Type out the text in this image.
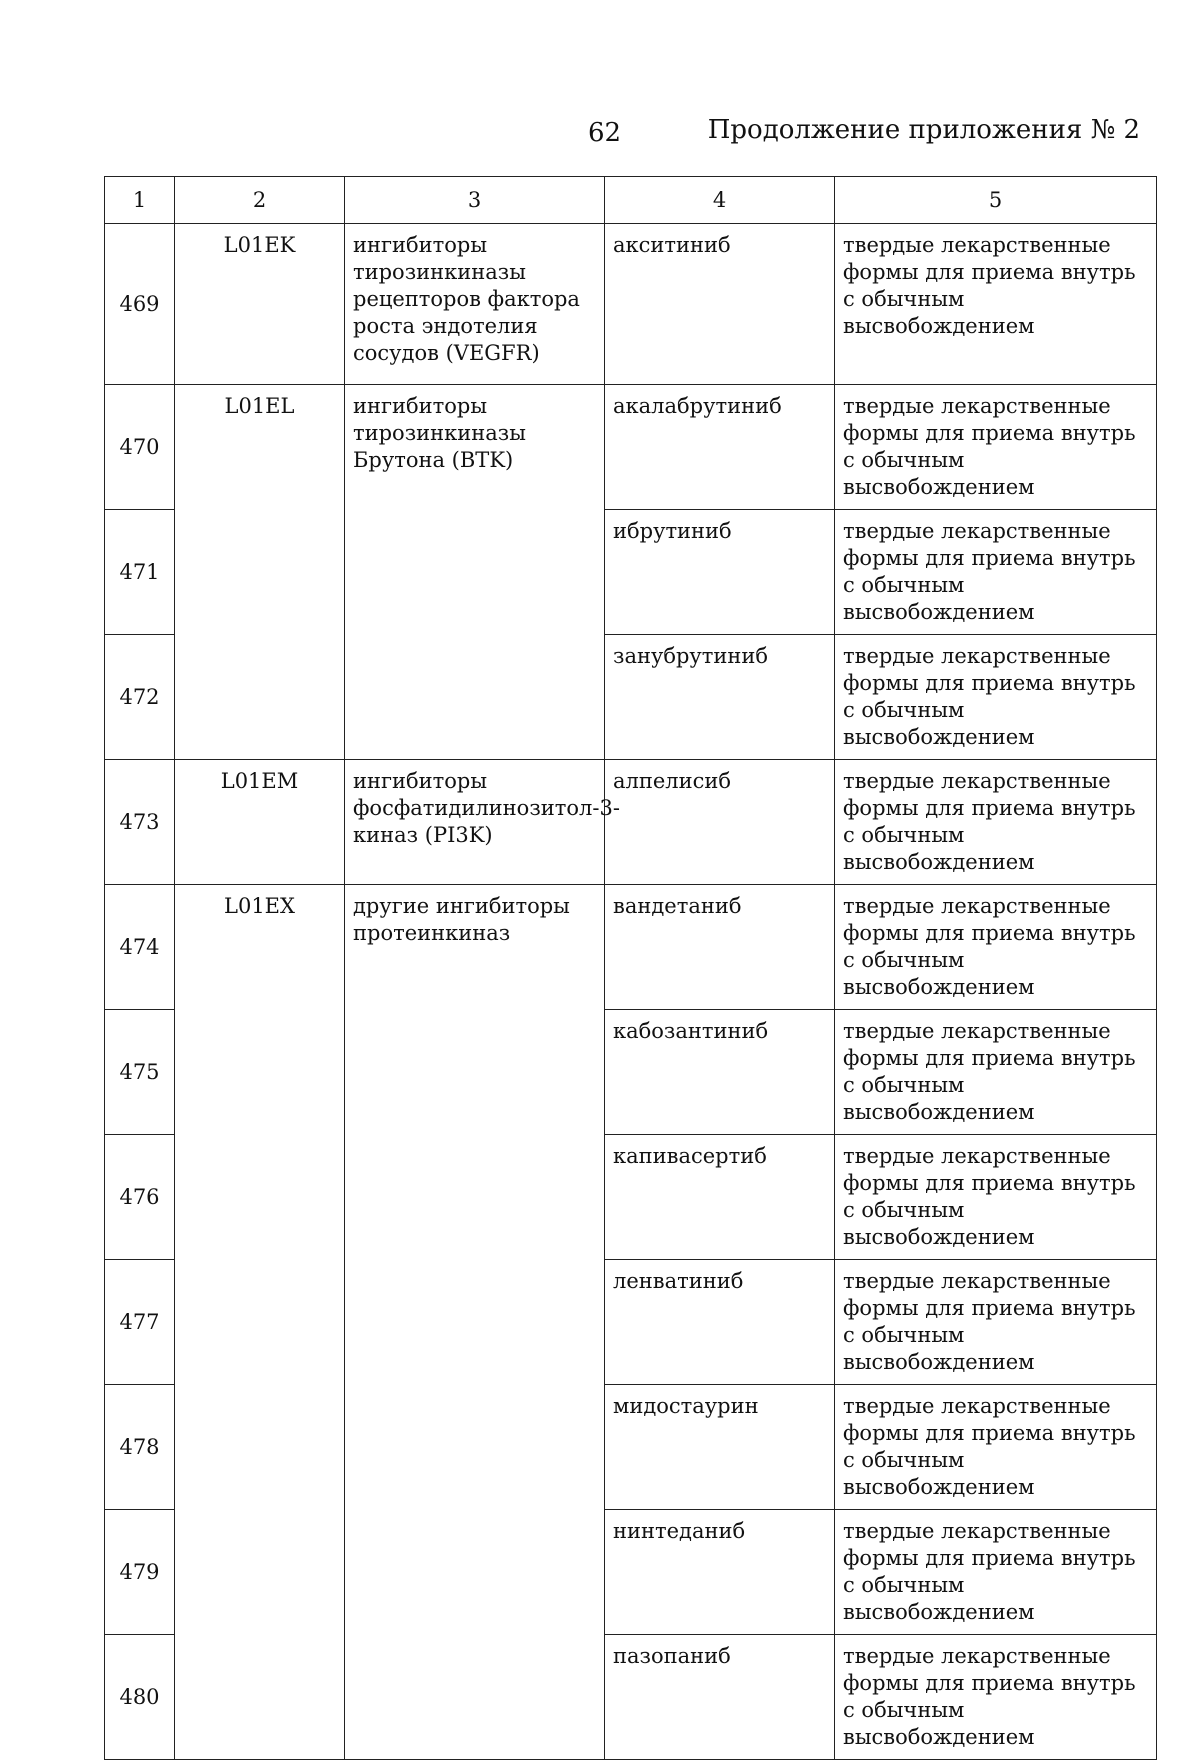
62	Продолжение приложения № 2
1	2	3	4	5
469	L01EK	ингибиторы тирозинкиназы рецепторов фактора роста эндотелия сосудов (VEGFR)	акситиниб	твердые лекарственные формы для приема внутрь с обычным высвобождением
470	L01EL	ингибиторы тирозинкиназы Брутона (BTK)	акалабрутиниб	твердые лекарственные формы для приема внутрь с обычным высвобождением
471			ибрутиниб	твердые лекарственные формы для приема внутрь с обычным высвобождением
472			занубрутиниб	твердые лекарственные формы для приема внутрь с обычным высвобождением
473	L01EM	ингибиторы фосфатидилинозитол-3-киназ (PI3K)	алпелисиб	твердые лекарственные формы для приема внутрь с обычным высвобождением
474	L01EX	другие ингибиторы протеинкиназ	вандетаниб	твердые лекарственные формы для приема внутрь с обычным высвобождением
475			кабозантиниб	твердые лекарственные формы для приема внутрь с обычным высвобождением
476			капивасертиб	твердые лекарственные формы для приема внутрь с обычным высвобождением
477			ленватиниб	твердые лекарственные формы для приема внутрь с обычным высвобождением
478			мидостаурин	твердые лекарственные формы для приема внутрь с обычным высвобождением
479			нинтеданиб	твердые лекарственные формы для приема внутрь с обычным высвобождением
480			пазопаниб	твердые лекарственные формы для приема внутрь с обычным высвобождением
